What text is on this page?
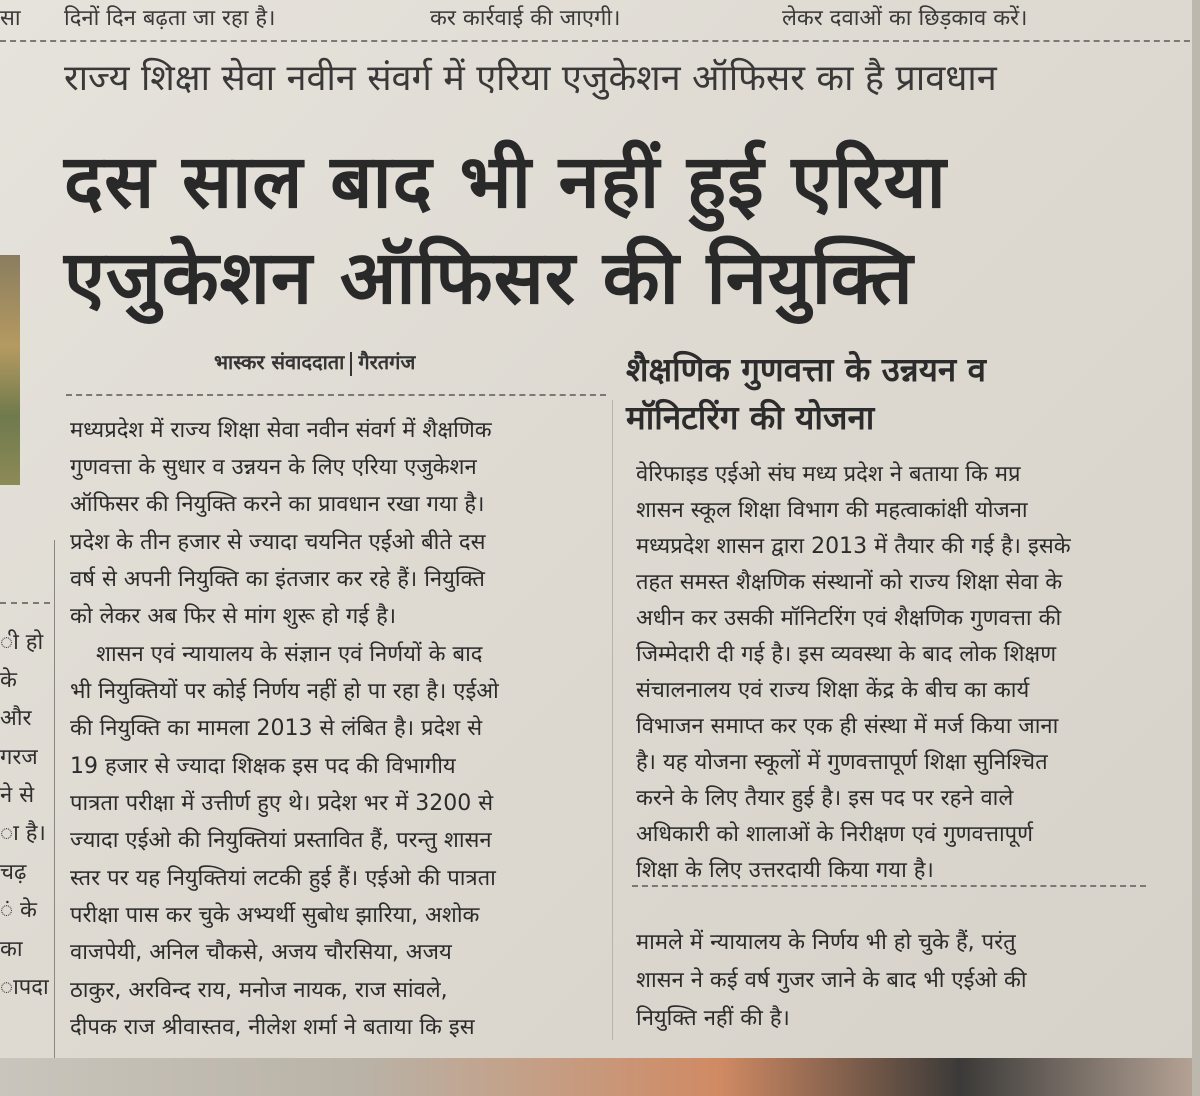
सा दिनों दिन बढ़ता जा रहा है।	कर कार्रवाई की जाएगी।	लेकर दवाओं का छिड़काव करें।
ी हो
के
और
गरज
ने से
ा है।
चढ़
ं के
का
ापदा
राज्य शिक्षा सेवा नवीन संवर्ग में एरिया एजुकेशन ऑफिसर का है प्रावधान
दस साल बाद भी नहीं हुई एरिया
एजुकेशन ऑफिसर की नियुक्ति
भास्कर संवाददाता गैरतगंज
मध्यप्रदेश में राज्य शिक्षा सेवा नवीन संवर्ग में शैक्षणिक
गुणवत्ता के सुधार व उन्नयन के लिए एरिया एजुकेशन
ऑफिसर की नियुक्ति करने का प्रावधान रखा गया है।
प्रदेश के तीन हजार से ज्यादा चयनित एईओ बीते दस
वर्ष से अपनी नियुक्ति का इंतजार कर रहे हैं। नियुक्ति
को लेकर अब फिर से मांग शुरू हो गई है।
शासन एवं न्यायालय के संज्ञान एवं निर्णयों के बाद
भी नियुक्तियों पर कोई निर्णय नहीं हो पा रहा है। एईओ
की नियुक्ति का मामला 2013 से लंबित है। प्रदेश से
19 हजार से ज्यादा शिक्षक इस पद की विभागीय
पात्रता परीक्षा में उत्तीर्ण हुए थे। प्रदेश भर में 3200 से
ज्यादा एईओ की नियुक्तियां प्रस्तावित हैं, परन्तु शासन
स्तर पर यह नियुक्तियां लटकी हुई हैं। एईओ की पात्रता
परीक्षा पास कर चुके अभ्यर्थी सुबोध झारिया, अशोक
वाजपेयी, अनिल चौकसे, अजय चौरसिया, अजय
ठाकुर, अरविन्द राय, मनोज नायक, राज सांवले,
दीपक राज श्रीवास्तव, नीलेश शर्मा ने बताया कि इस
शैक्षणिक गुणवत्ता के उन्नयन व
मॉनिटरिंग की योजना
वेरिफाइड एईओ संघ मध्य प्रदेश ने बताया कि मप्र
शासन स्कूल शिक्षा विभाग की महत्वाकांक्षी योजना
मध्यप्रदेश शासन द्वारा 2013 में तैयार की गई है। इसके
तहत समस्त शैक्षणिक संस्थानों को राज्य शिक्षा सेवा के
अधीन कर उसकी मॉनिटरिंग एवं शैक्षणिक गुणवत्ता की
जिम्मेदारी दी गई है। इस व्यवस्था के बाद लोक शिक्षण
संचालनालय एवं राज्य शिक्षा केंद्र के बीच का कार्य
विभाजन समाप्त कर एक ही संस्था में मर्ज किया जाना
है। यह योजना स्कूलों में गुणवत्तापूर्ण शिक्षा सुनिश्चित
करने के लिए तैयार हुई है। इस पद पर रहने वाले
अधिकारी को शालाओं के निरीक्षण एवं गुणवत्तापूर्ण
शिक्षा के लिए उत्तरदायी किया गया है।
मामले में न्यायालय के निर्णय भी हो चुके हैं, परंतु
शासन ने कई वर्ष गुजर जाने के बाद भी एईओ की
नियुक्ति नहीं की है।
